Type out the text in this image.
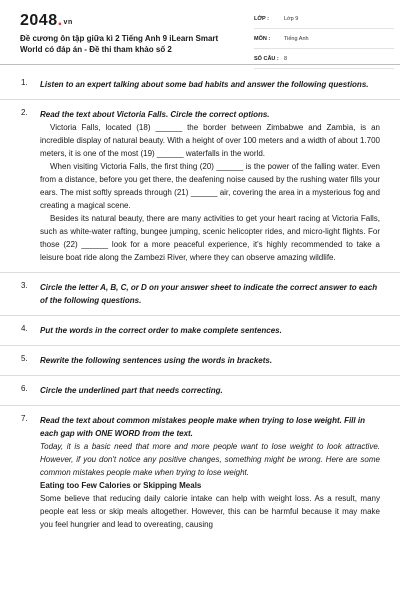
2048.vn
Đề cương ôn tập giữa kì 2 Tiếng Anh 9 iLearn Smart World có đáp án - Đề thi tham khảo số 2
LỚP :	Lớp 9
MÔN :	Tiếng Anh
SỐ CÂU : 8
1. Listen to an expert talking about some bad habits and answer the following questions.
2. Read the text about Victoria Falls. Circle the correct options.

Victoria Falls, located (18) ______ the border between Zimbabwe and Zambia, is an incredible display of natural beauty. With a height of over 100 meters and a width of about 1.700 meters, it is one of the most (19) ______ waterfalls in the world.

When visiting Victoria Falls, the first thing (20) ______ is the power of the falling water. Even from a distance, before you get there, the deafening noise caused by the rushing water fills your ears. The mist softly spreads through (21) ______ air, covering the area in a mysterious fog and creating a magical scene.

Besides its natural beauty, there are many activities to get your heart racing at Victoria Falls, such as white-water rafting, bungee jumping, scenic helicopter rides, and micro-light flights. For those (22) ______ look for a more peaceful experience, it's highly recommended to take a leisure boat ride along the Zambezi River, where they can observe amazing wildlife.

3. Circle the letter A, B, C, or D on your answer sheet to indicate the correct answer to each of the following questions.
4. Put the words in the correct order to make complete sentences.
5. Rewrite the following sentences using the words in brackets.
6. Circle the underlined part that needs correcting.
7. Read the text about common mistakes people make when trying to lose weight. Fill in each gap with ONE WORD from the text.

Today, it is a basic need that more and more people want to lose weight to look attractive. However, if you don't notice any positive changes, something might be wrong. Here are some common mistakes people make when trying to lose weight.

Eating too Few Calories or Skipping Meals

Some believe that reducing daily calorie intake can help with weight loss. As a result, many people eat less or skip meals altogether. However, this can be harmful because it may make you feel hungrier and lead to overeating, causing
